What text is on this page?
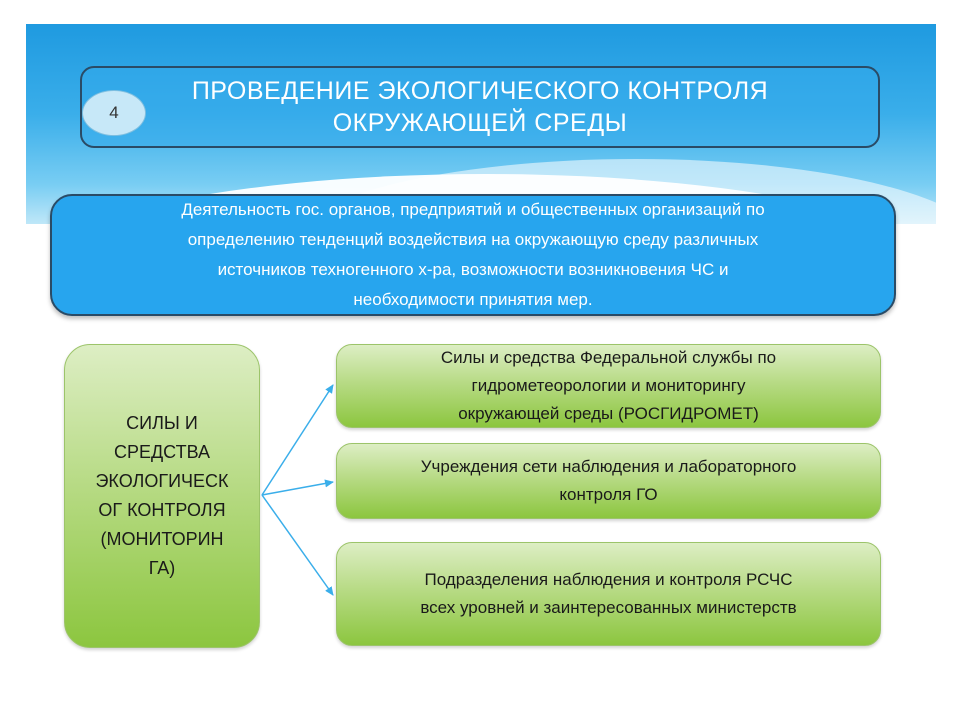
ПРОВЕДЕНИЕ ЭКОЛОГИЧЕСКОГО КОНТРОЛЯ
ОКРУЖАЮЩЕЙ СРЕДЫ
4
Деятельность гос. органов, предприятий и общественных организаций по
определению тенденций воздействия на окружающую среду различных
источников техногенного х-ра, возможности возникновения ЧС и
необходимости принятия мер.
СИЛЫ И
СРЕДСТВА
ЭКОЛОГИЧЕСК
ОГ КОНТРОЛЯ
(МОНИТОРИН
ГА)
Силы и средства Федеральной службы по
гидрометеорологии и мониторингу
окружающей среды (РОСГИДРОМЕТ)
Учреждения сети наблюдения и лабораторного
контроля ГО
Подразделения наблюдения и контроля РСЧС
всех уровней и заинтересованных министерств
